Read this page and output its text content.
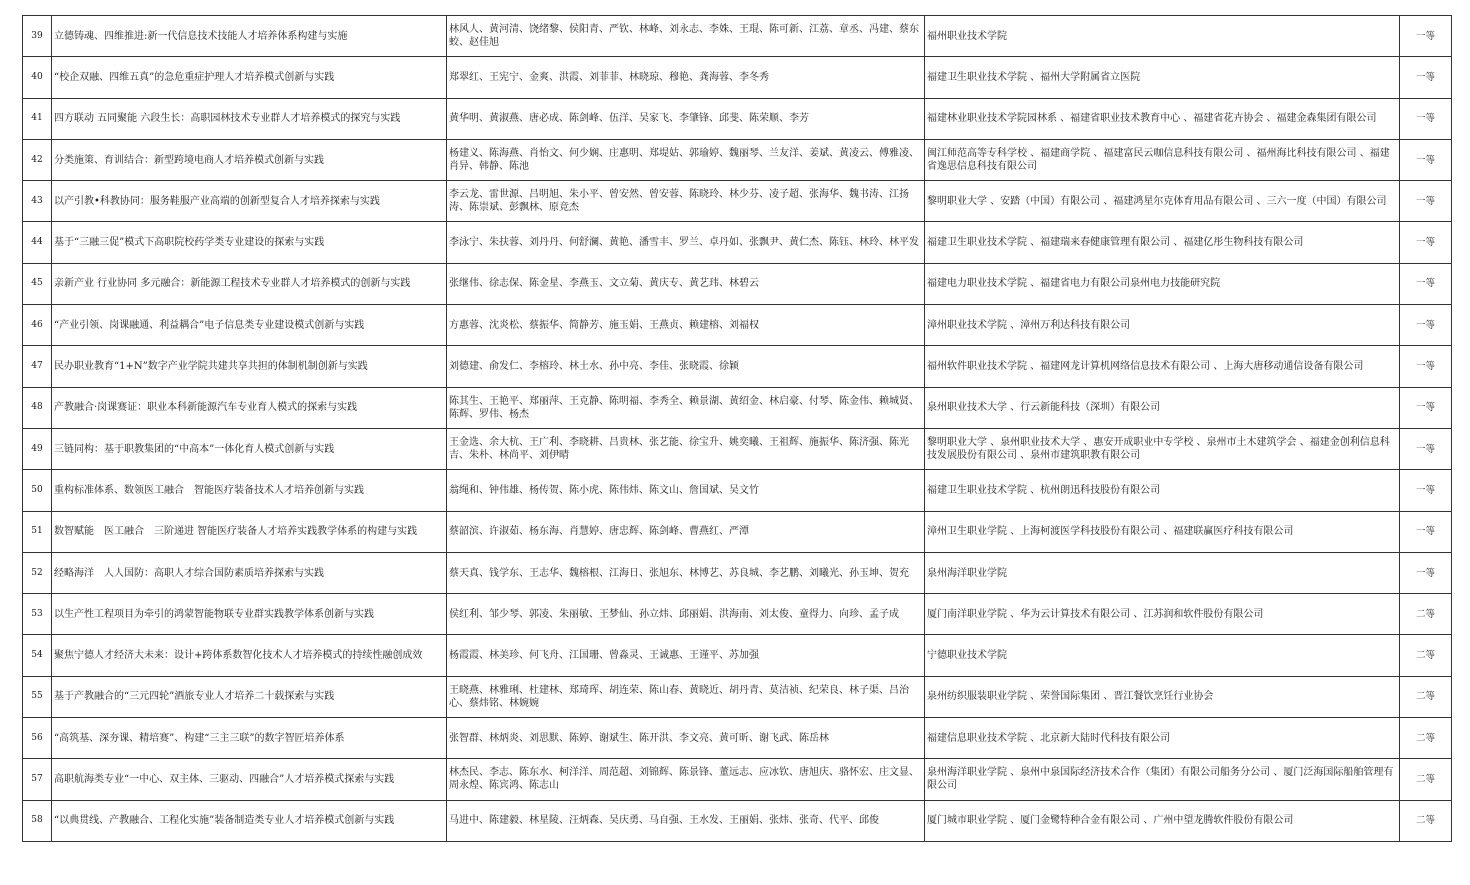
39	立德铸魂、四维推进:新一代信息技术技能人才培养体系构建与实施	林风人、黄河清、饶绪黎、侯阳青、严钦、林峰、刘永志、李姝、王琨、陈可新、江荔、章丞、冯建、蔡东蛟、赵佳旭	福州职业技术学院	一等
40	“校企双融、四维五真”的急危重症护理人才培养模式创新与实践	郑翠红、王宪宁、金爽、洪霞、刘菲菲、林晓琼、穆艳、龚海蓉、李冬秀	福建卫生职业技术学院 、福州大学附属省立医院	一等
41	四方联动 五同聚能 六段生长：高职园林技术专业群人才培养模式的探究与实践	黄华明、黄淑燕、唐必成、陈剑峰、伍洋、吴家飞、李肇锋、邱斐、陈荣顺、李芳	福建林业职业技术学院园林系 、福建省职业技术教育中心 、福建省花卉协会 、福建金森集团有限公司	一等
42	分类施策、育训结合：新型跨境电商人才培养模式创新与实践	杨建义、陈海燕、肖怡文、何少娴、庄惠明、郑堤姑、郭瑜婷、魏丽琴、兰友洋、姜斌、黄凌云、傅雅凌、肖异、韩静、陈池	闽江师范高等专科学校 、福建商学院 、福建富民云咖信息科技有限公司 、福州海比科技有限公司 、福建省逸思信息科技有限公司	一等
43	以产引教•科教协同：服务鞋服产业高端的创新型复合人才培养探索与实践	李云龙、雷世源、吕明旭、朱小平、曾安然、曾安蓉、陈晓玲、林少芬、凌子超、张海华、魏书涛、江扬涛、陈崇斌、彭飘林、原竞杰	黎明职业大学 、安踏（中国）有限公司 、福建鸿星尔克体育用品有限公司 、三六一度（中国）有限公司	一等
44	基于“三融三促”模式下高职院校药学类专业建设的探索与实践	李泳宁、朱扶蓉、刘丹丹、何舒澜、黄艳、潘雪丰、罗兰、卓丹如、张飘尹、黄仁杰、陈钰、林玲、林平发	福建卫生职业技术学院 、福建瑞来春健康管理有限公司 、福建亿彤生物科技有限公司	一等
45	亲新产业 行业协同 多元融合：新能源工程技术专业群人才培养模式的创新与实践	张继伟、徐志保、陈金星、李燕玉、文立菊、黄庆专、黄艺玮、林碧云	福建电力职业技术学院 、福建省电力有限公司泉州电力技能研究院	一等
46	“产业引领、岗课融通、利益耦合”电子信息类专业建设模式创新与实践	方惠蓉、沈炎松、蔡振华、简静芳、施玉娟、王燕贞、赖建榕、刘福权	漳州职业技术学院 、漳州万利达科技有限公司	一等
47	民办职业教育“1+N”数字产业学院共建共享共担的体制机制创新与实践	刘德建、俞发仁、李榕玲、林土水、孙中亮、李佳、张晓霞、徐颖	福州软件职业技术学院 、福建网龙计算机网络信息技术有限公司 、上海大唐移动通信设备有限公司	一等
48	产教融合·岗课赛证：职业本科新能源汽车专业育人模式的探索与实践	陈其生、王艳平、郑丽萍、王克静、陈明福、李秀全、赖景湖、黄绍金、林启豪、付琴、陈金伟、赖城贤、陈辉、罗伟、杨杰	泉州职业技术大学 、行云新能科技（深圳）有限公司	一等
49	三链同构：基于职教集团的“中高本”一体化育人模式创新与实践	王金选、余大杭、王广利、李晓耕、吕贵林、张艺能、徐宝升、姚奕曦、王祖辉、施振华、陈济强、陈光吉、朱朴、林尚平、刘伊晴	黎明职业大学 、泉州职业技术大学 、惠安开成职业中专学校 、泉州市土木建筑学会 、福建金创利信息科技发展股份有限公司 、泉州市建筑职教有限公司	一等
50	重构标准体系、数领医工融合　智能医疗装备技术人才培养创新与实践	翁绳和、钟伟雄、杨传贺、陈小虎、陈伟炜、陈文山、詹国斌、吴文竹	福建卫生职业技术学院 、杭州朗迅科技股份有限公司	一等
51	数智赋能　医工融合　三阶递进 智能医疗装备人才培养实践教学体系的构建与实践	蔡韶滨、许淑茹、杨东海、肖慧婷、唐忠辉、陈剑峰、曹燕红、严潭	漳州卫生职业学院 、上海柯渡医学科技股份有限公司 、福建联赢医疗科技有限公司	一等
52	经略海洋　人人国防：高职人才综合国防素质培养探索与实践	蔡天真、钱学东、王志华、魏榕根、江海日、张旭东、林博艺、苏良城、李艺鹏、刘曦光、孙玉坤、贺充	泉州海洋职业学院	一等
53	以生产性工程项目为牵引的鸿蒙智能物联专业群实践教学体系创新与实践	侯红利、邹少琴、郭凌、朱丽敏、王梦仙、孙立炜、邱丽娟、洪海南、刘太俊、童得力、向珍、孟子成	厦门南洋职业学院 、华为云计算技术有限公司 、江苏润和软件股份有限公司	二等
54	聚焦宁德人才经济大未来：设计+跨体系数智化技术人才培养模式的持续性融创成效	杨霞霞、林美珍、何飞舟、江国珊、曾淼灵、王诚惠、王谨平、苏加强	宁德职业技术学院	二等
55	基于产教融合的“三元四轮”酒旅专业人才培养二十载探索与实践	王晓燕、林雅琍、杜建林、郑琦珲、胡连荣、陈山春、黄晓近、胡丹青、莫洁祯、纪荣良、林子渠、吕治心、蔡炜铭、林婉婉	泉州纺织服装职业学院 、荣誉国际集团 、晋江餐饮烹饪行业协会	二等
56	“高筑基、深夯课、精培赛”、构建“三主三联”的数字智匠培养体系	张智群、林炳炎、刘思默、陈婷、谢斌生、陈开洪、李文亮、黄可昕、谢飞武、陈岳林	福建信息职业技术学院 、北京新大陆时代科技有限公司	二等
57	高职航海类专业“一中心、双主体、三驱动、四融合”人才培养模式探索与实践	林杰民、李志、陈东水、柯洋洋、周范超、刘锦辉、陈景锋、董远志、应冰钦、唐旭庆、骆怀宏、庄文显、周永煌、陈宾鸿、陈志山	泉州海洋职业学院 、泉州中泉国际经济技术合作（集团）有限公司船务分公司 、厦门泛海国际船舶管理有限公司	二等
58	“以典贯线、产教融合、工程化实施”装备制造类专业人才培养模式创新与实践	马进中、陈建毅、林星陵、汪炳森、吴庆勇、马自强、王水发、王丽娟、张炜、张奇、代平、邱俊	厦门城市职业学院 、厦门金鹭特种合金有限公司 、广州中望龙腾软件股份有限公司	二等
